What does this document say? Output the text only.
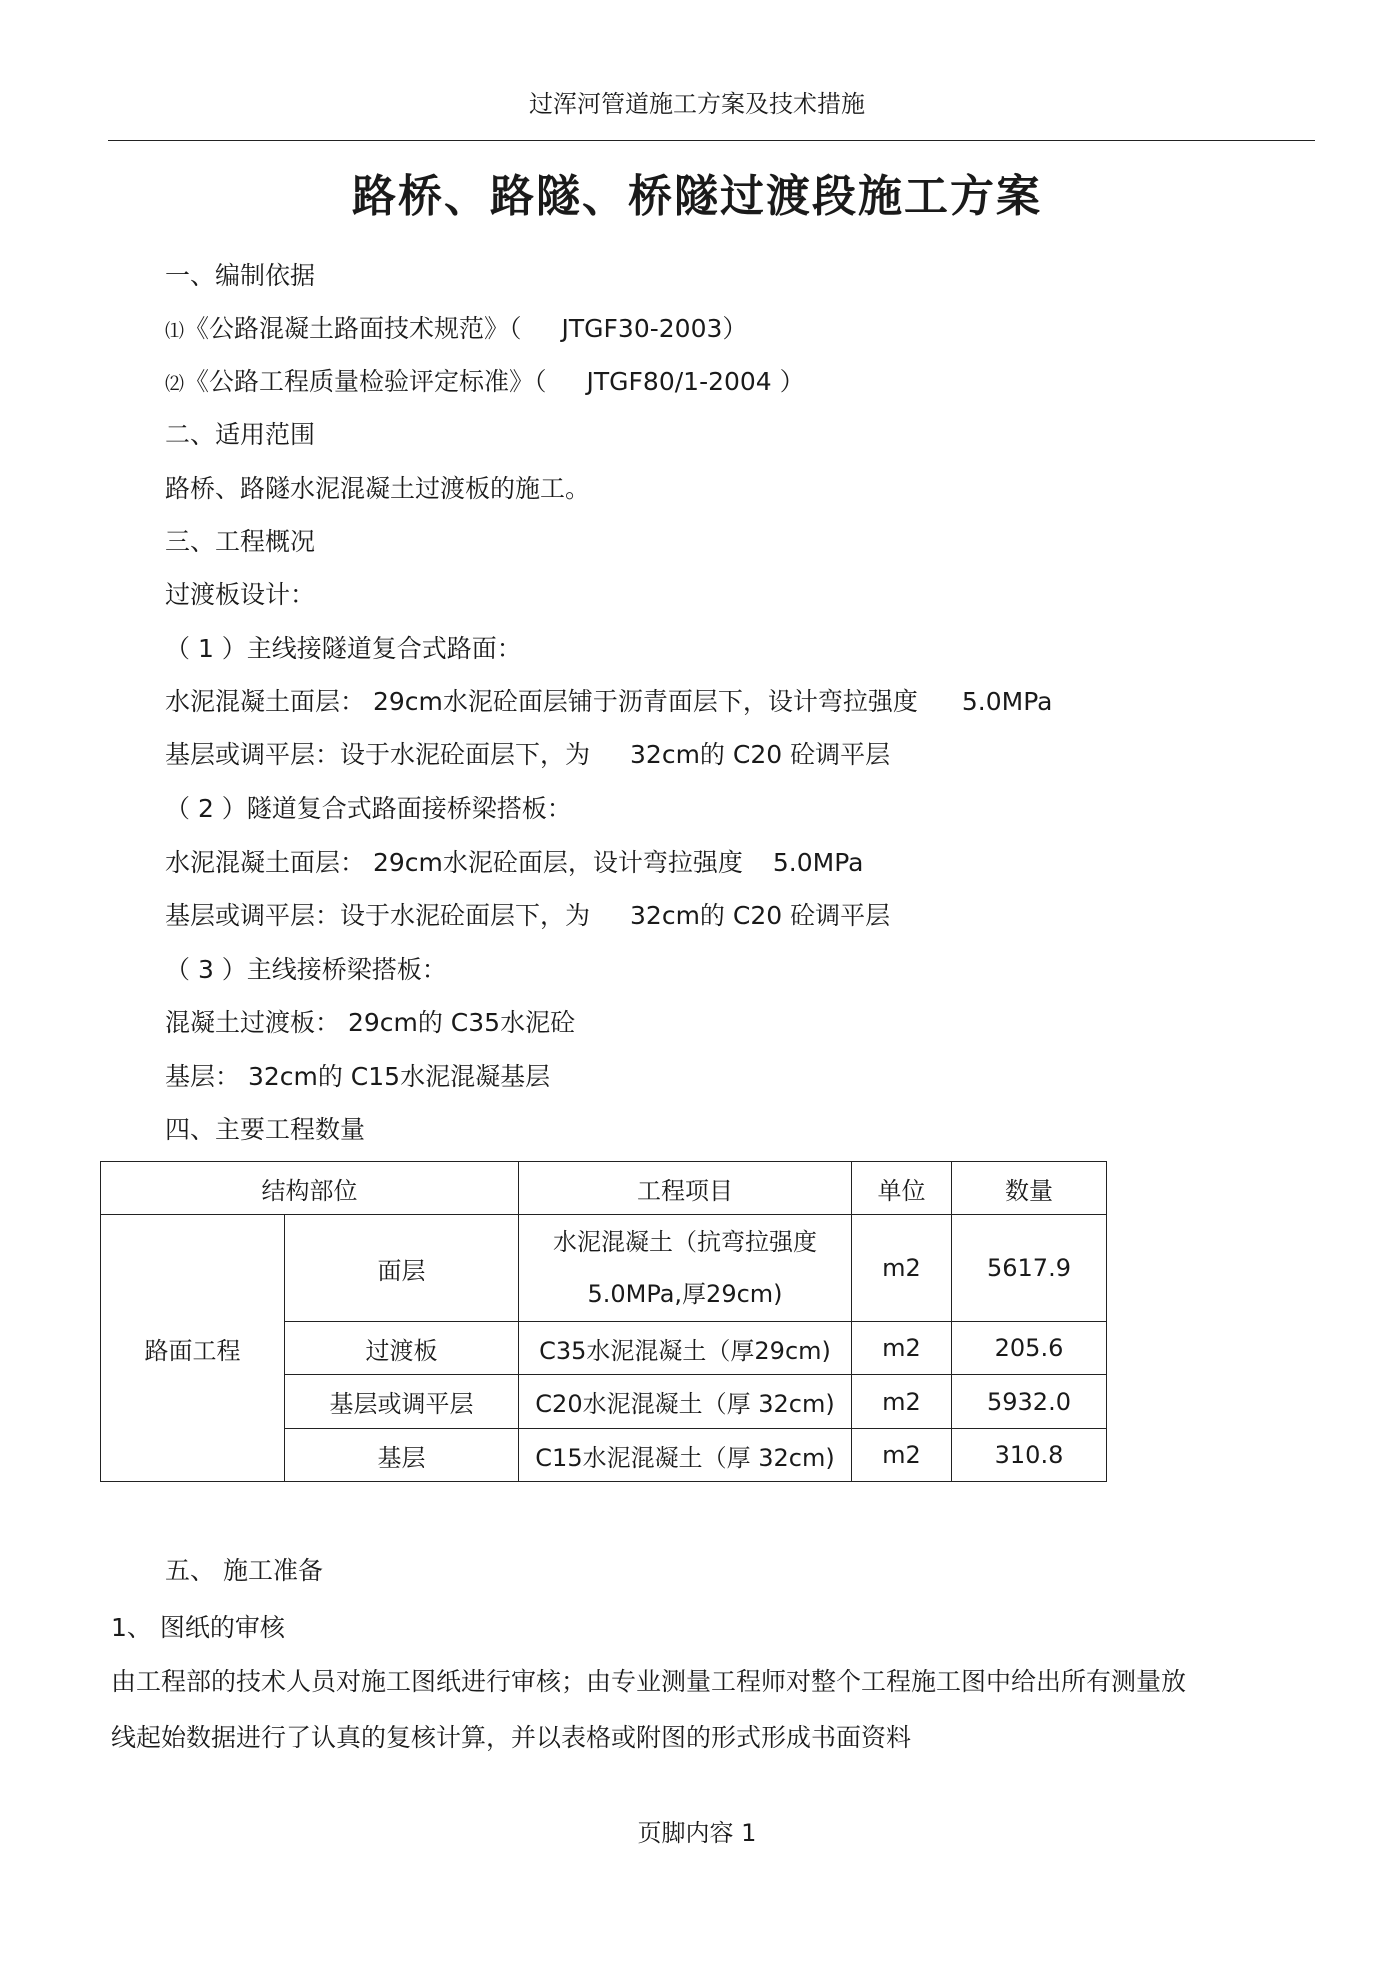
过浑河管道施工方案及技术措施
路桥、路隧、桥隧过渡段施工方案
一、编制依据
⑴《公路混凝土路面技术规范》（ JTGF30-2003）
⑵《公路工程质量检验评定标准》（ JTGF80/1-2004 ）
二、适用范围
路桥、路隧水泥混凝土过渡板的施工。
三、工程概况
过渡板设计：
（ 1 ）主线接隧道复合式路面：
水泥混凝土面层： 29cm水泥砼面层铺于沥青面层下，设计弯拉强度 5.0MPa
基层或调平层：设于水泥砼面层下，为 32cm的 C20 砼调平层
（ 2 ）隧道复合式路面接桥梁搭板：
水泥混凝土面层： 29cm水泥砼面层，设计弯拉强度 5.0MPa
基层或调平层：设于水泥砼面层下，为 32cm的 C20 砼调平层
（ 3 ）主线接桥梁搭板：
混凝土过渡板： 29cm的 C35水泥砼
基层： 32cm的 C15水泥混凝基层
四、主要工程数量
结构部位		工程项目	单位	数量
路面工程	面层	水泥混凝土（抗弯拉强度
5.0MPa,厚29cm)	m2	5617.9
	过渡板	C35水泥混凝土（厚29cm)	m2	205.6
	基层或调平层	C20水泥混凝土（厚 32cm)	m2	5932.0
	基层	C15水泥混凝土（厚 32cm)	m2	310.8
五、 施工准备
1、 图纸的审核
由工程部的技术人员对施工图纸进行审核；由专业测量工程师对整个工程施工图中给出所有测量放
线起始数据进行了认真的复核计算，并以表格或附图的形式形成书面资料
页脚内容 1
